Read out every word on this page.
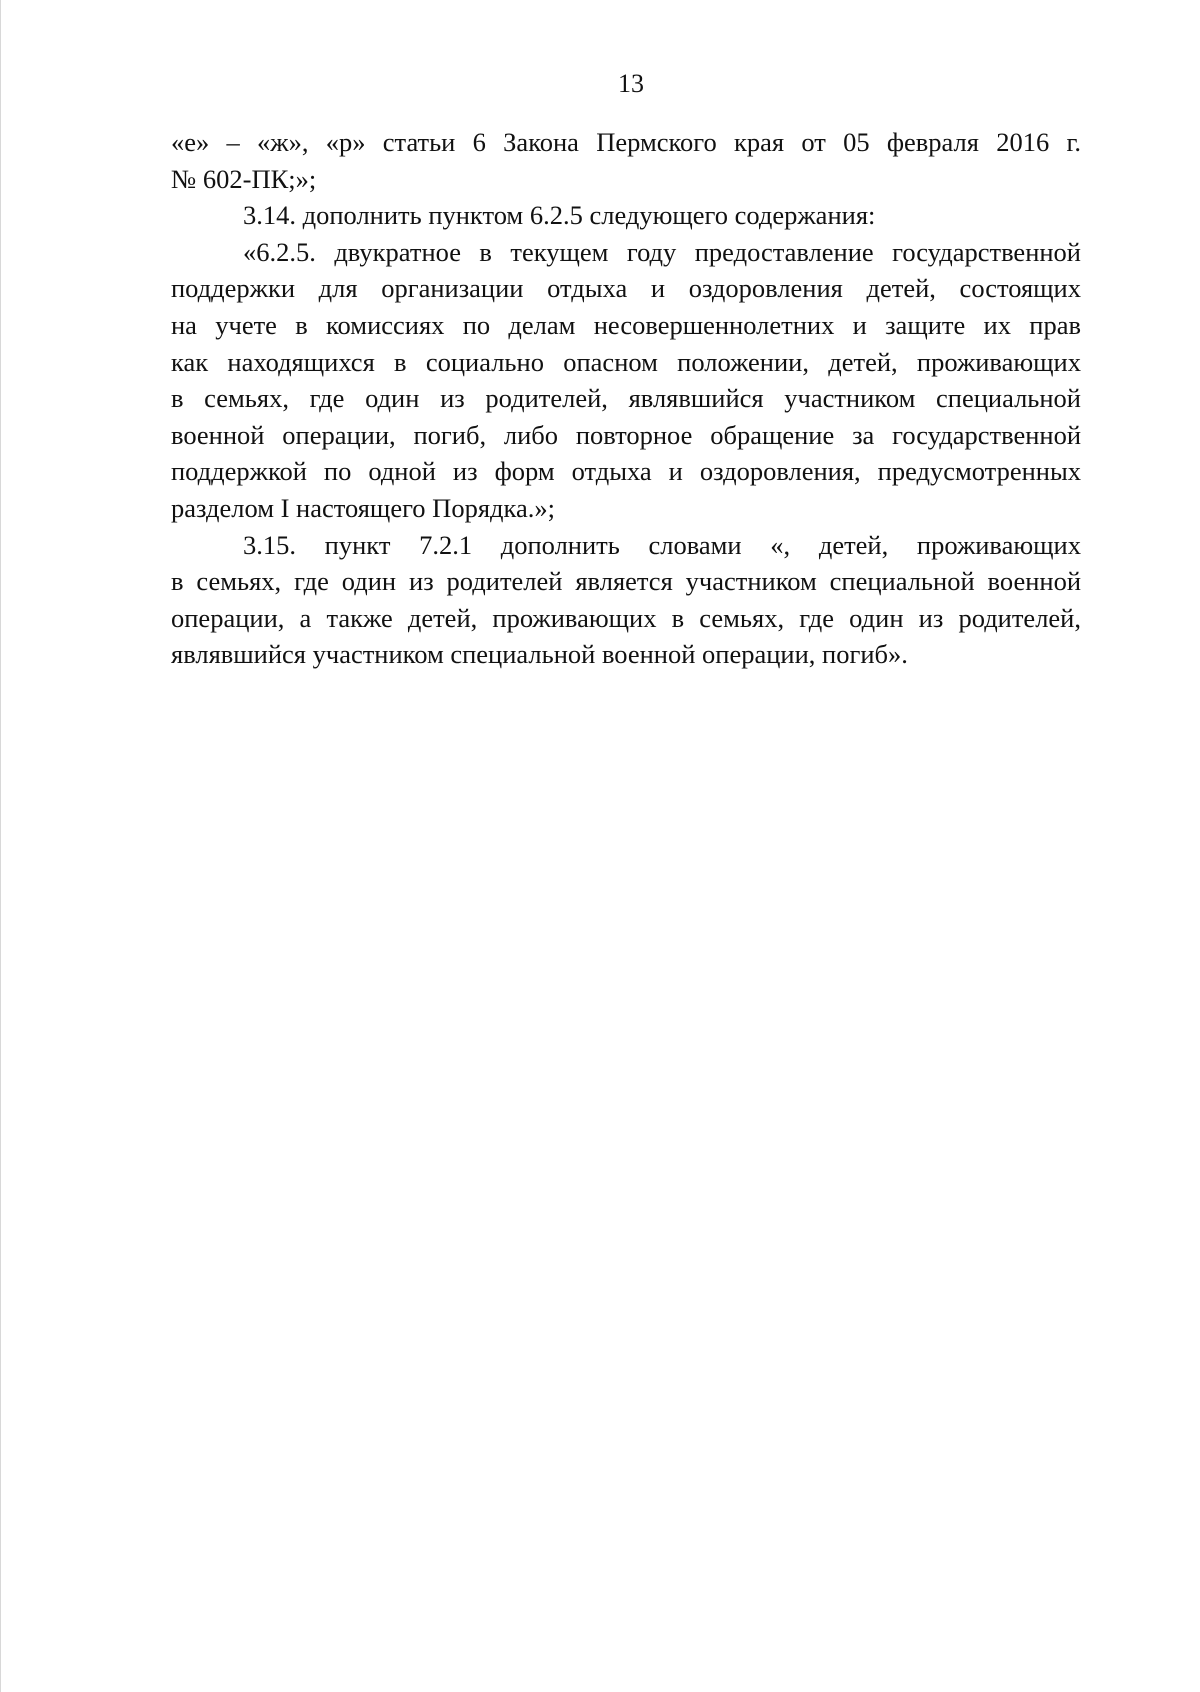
13

«е» – «ж», «р» статьи 6 Закона Пермского края от 05 февраля 2016 г.
№ 602-ПК;»;

3.14. дополнить пунктом 6.2.5 следующего содержания:

«6.2.5. двукратное в текущем году предоставление государственной
поддержки для организации отдыха и оздоровления детей, состоящих
на учете в комиссиях по делам несовершеннолетних и защите их прав
как находящихся в социально опасном положении, детей, проживающих
в семьях, где один из родителей, являвшийся участником специальной
военной операции, погиб, либо повторное обращение за государственной
поддержкой по одной из форм отдыха и оздоровления, предусмотренных
разделом I настоящего Порядка.»;

3.15. пункт 7.2.1 дополнить словами «, детей, проживающих
в семьях, где один из родителей является участником специальной военной
операции, а также детей, проживающих в семьях, где один из родителей,
являвшийся участником специальной военной операции, погиб».
